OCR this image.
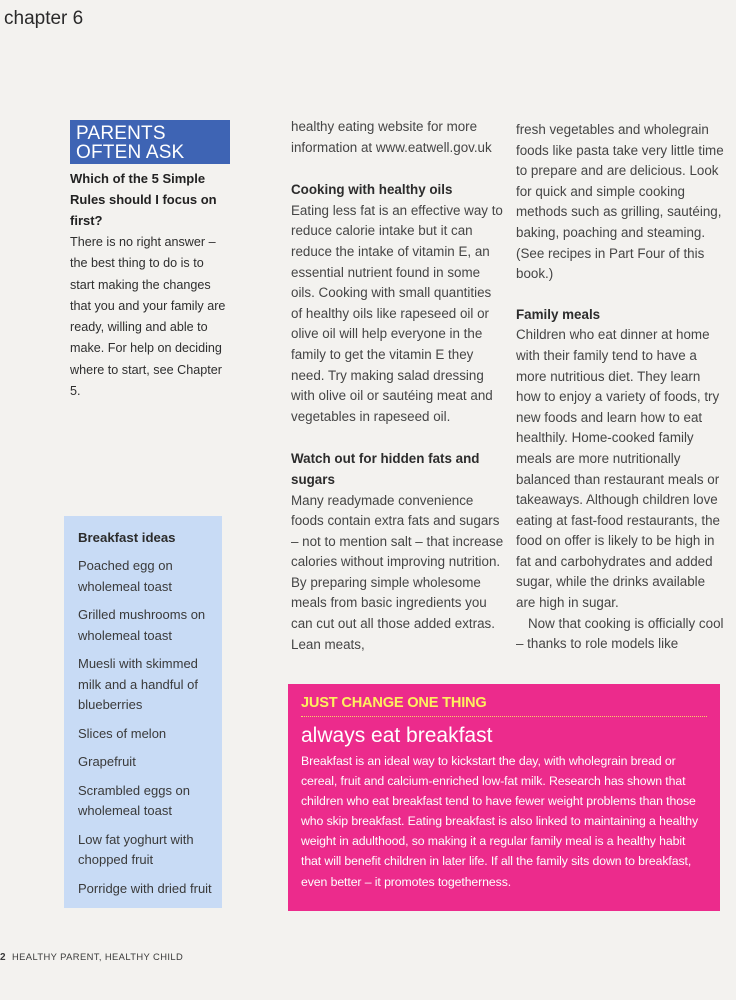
chapter 6
PARENTS
OFTEN ASK
Which of the 5 Simple Rules should I focus on first?
There is no right answer – the best thing to do is to start making the changes that you and your family are ready, willing and able to make. For help on deciding where to start, see Chapter 5.

healthy eating website for more information at www.eatwell.gov.uk

Cooking with healthy oils

Eating less fat is an effective way to reduce calorie intake but it can reduce the intake of vitamin E, an essential nutrient found in some oils. Cooking with small quantities of healthy oils like rapeseed oil or olive oil will help everyone in the family to get the vitamin E they need. Try making salad dressing with olive oil or sautéing meat and vegetables in rapeseed oil.

Watch out for hidden fats and sugars

Many readymade convenience foods contain extra fats and sugars – not to mention salt – that increase calories without improving nutrition. By preparing simple wholesome meals from basic ingredients you can cut out all those added extras. Lean meats,

fresh vegetables and wholegrain foods like pasta take very little time to prepare and are delicious. Look for quick and simple cooking methods such as grilling, sautéing, baking, poaching and steaming. (See recipes in Part Four of this book.)

Family meals

Children who eat dinner at home with their family tend to have a more nutritious diet. They learn how to enjoy a variety of foods, try new foods and learn how to eat healthily. Home-cooked family meals are more nutritionally balanced than restaurant meals or takeaways. Although children love eating at fast-food restaurants, the food on offer is likely to be high in fat and carbohydrates and added sugar, while the drinks available are high in sugar.

Now that cooking is officially cool – thanks to role models like

Breakfast ideas
Poached egg on wholemeal toast
Grilled mushrooms on wholemeal toast
Muesli with skimmed milk and a handful of blueberries
Slices of melon
Grapefruit
Scrambled eggs on wholemeal toast
Low fat yoghurt with chopped fruit
Porridge with dried fruit
JUST CHANGE ONE THING
always eat breakfast
Breakfast is an ideal way to kickstart the day, with wholegrain bread or cereal, fruit and calcium-enriched low-fat milk. Research has shown that children who eat breakfast tend to have fewer weight problems than those who skip breakfast. Eating breakfast is also linked to maintaining a healthy weight in adulthood, so making it a regular family meal is a healthy habit that will benefit children in later life. If all the family sits down to breakfast, even better – it promotes togetherness.
2 HEALTHY PARENT, HEALTHY CHILD
